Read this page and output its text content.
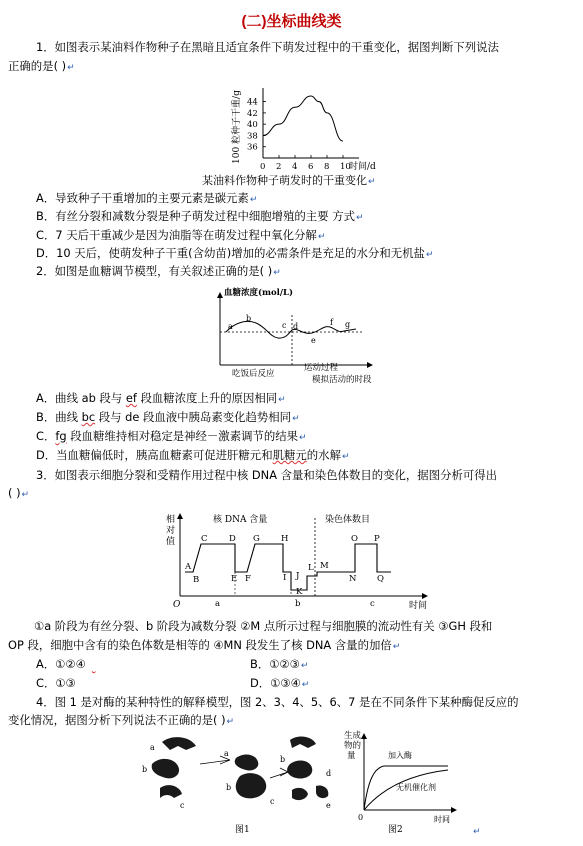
(二)坐标曲线类
1．如图表示某油料作物种子在黑暗且适宜条件下萌发过程中的干重变化，据图判断下列说法
正确的是( )↵
100 粒种子干重/g 44
42
40
38
36
0 2 4 6 8 10
时间/d
某油料作物种子萌发时的干重变化↵
A．导致种子干重增加的主要元素是碳元素↵
B．有丝分裂和减数分裂是种子萌发过程中细胞增殖的主要 方式↵
C．7 天后干重减少是因为油脂等在萌发过程中氧化分解↵
D．10 天后，使萌发种子干重(含幼苗)增加的必需条件是充足的水分和无机盐↵
2．如图是血糖调节模型，有关叙述正确的是( )↵
血糖浓度(mol/L)
a
b
c d
e
f g
吃饭后反应
运动过程
模拟活动的时段
A．曲线 ab 段与 ef 段血糖浓度上升的原因相同↵
B．曲线 bc 段与 de 段血液中胰岛素变化趋势相同↵
C．fg 段血糖维持相对稳定是神经－激素调节的结果↵
D．当血糖偏低时，胰高血糖素可促进肝糖元和肌糖元的水解↵
3．如图表示细胞分裂和受精作用过程中核 DNA 含量和染色体数目的变化，据图分析可得出
( )↵
相
对
值
O	时间
核 DNA 含量	染色体数目
A
B
C	D
E F
G H
I J
K
L M
N
O P
Q
a	b	c
①a 阶段为有丝分裂、b 阶段为减数分裂 ②M 点所示过程与细胞膜的流动性有关 ③GH 段和
OP 段，细胞中含有的染色体数是相等的 ④MN 段发生了核 DNA 含量的加倍↵
A．①②④	B．①②③↵
C．①③	D．①③④↵
4．图 1 是对酶的某种特性的解释模型，图 2、3、4、5、6、7 是在不同条件下某种酶促反应的
变化情况，据图分析下列说法不正确的是( )↵
a
b
c
a
b
c
b
d
e
图1
生成
物的
量	加入酶
无机催化剂
0	时间
图2	↵
